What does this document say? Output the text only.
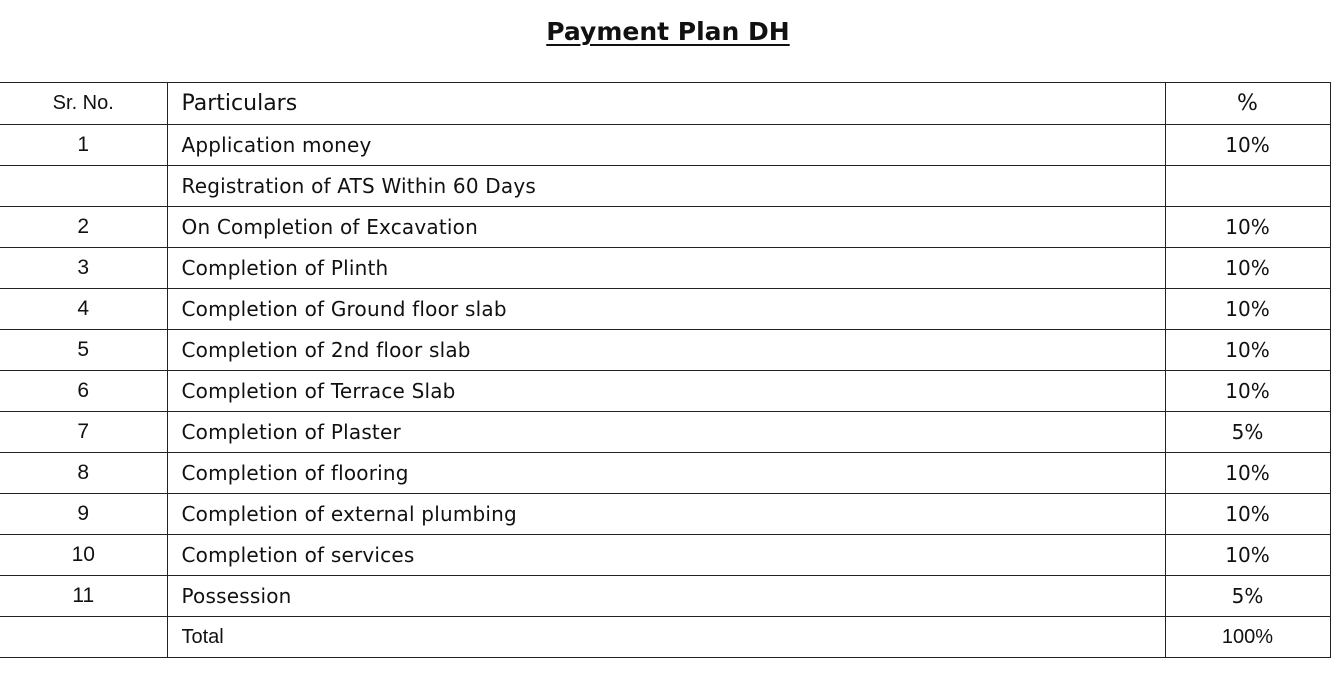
Payment Plan DH
Sr. No.	Particulars	%
1	Application money	10%
	Registration of ATS Within 60 Days	
2	On Completion of Excavation	10%
3	Completion of Plinth	10%
4	Completion of Ground floor slab	10%
5	Completion of 2nd floor slab	10%
6	Completion of Terrace Slab	10%
7	Completion of Plaster	5%
8	Completion of flooring	10%
9	Completion of external plumbing	10%
10	Completion of services	10%
11	Possession	5%
	Total	100%
